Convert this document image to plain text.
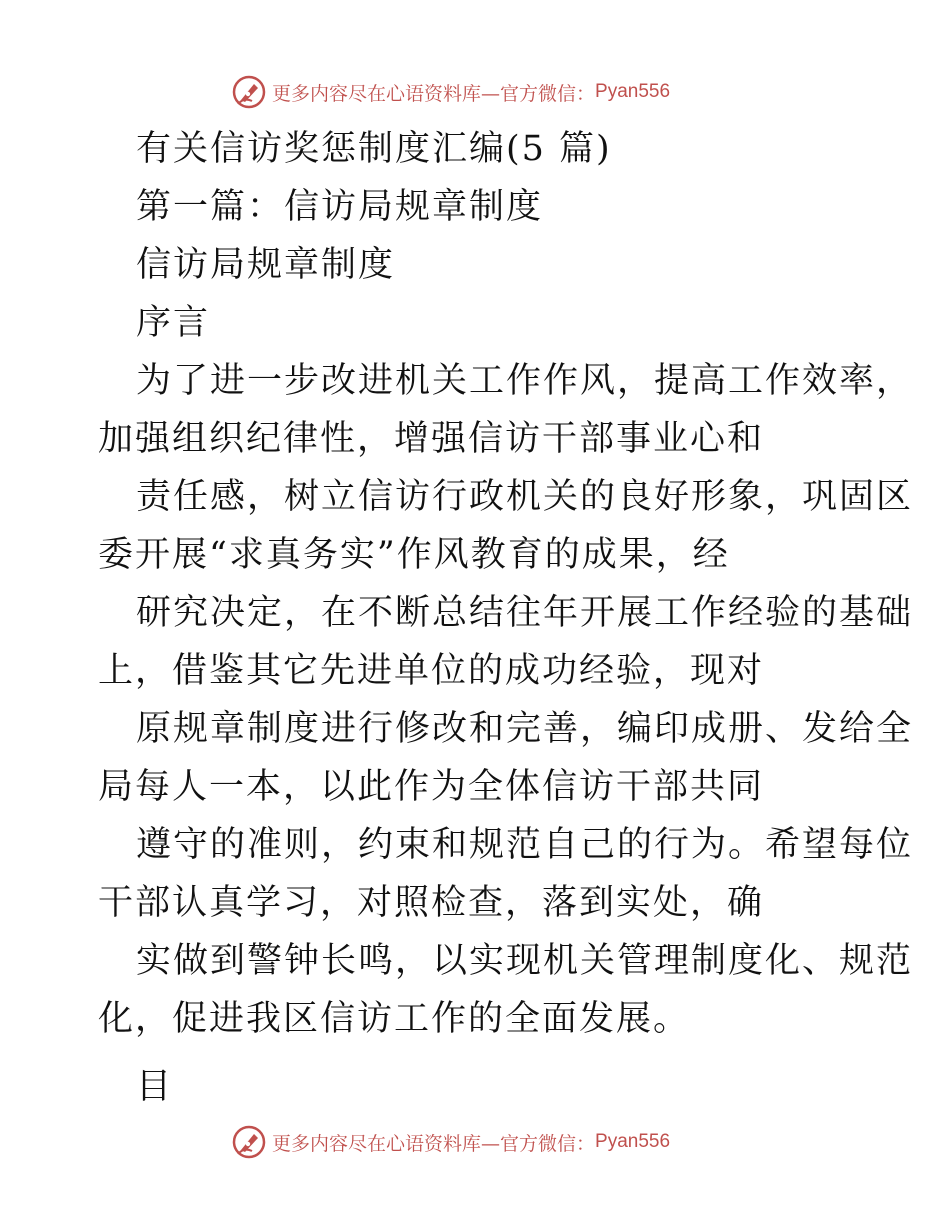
更多内容尽在心语资料库—官方微信： Pyan556
有关信访奖惩制度汇编(5 篇)
第一篇：信访局规章制度
信访局规章制度
序言
为了进一步改进机关工作作风，提高工作效率，
加强组织纪律性，增强信访干部事业心和
责任感，树立信访行政机关的良好形象，巩固区
委开展“求真务实”作风教育的成果，经
研究决定，在不断总结往年开展工作经验的基础
上，借鉴其它先进单位的成功经验，现对
原规章制度进行修改和完善，编印成册、发给全
局每人一本，以此作为全体信访干部共同
遵守的准则，约束和规范自己的行为。希望每位
干部认真学习，对照检查，落到实处，确
实做到警钟长鸣，以实现机关管理制度化、规范
化，促进我区信访工作的全面发展。
目
更多内容尽在心语资料库—官方微信： Pyan556
